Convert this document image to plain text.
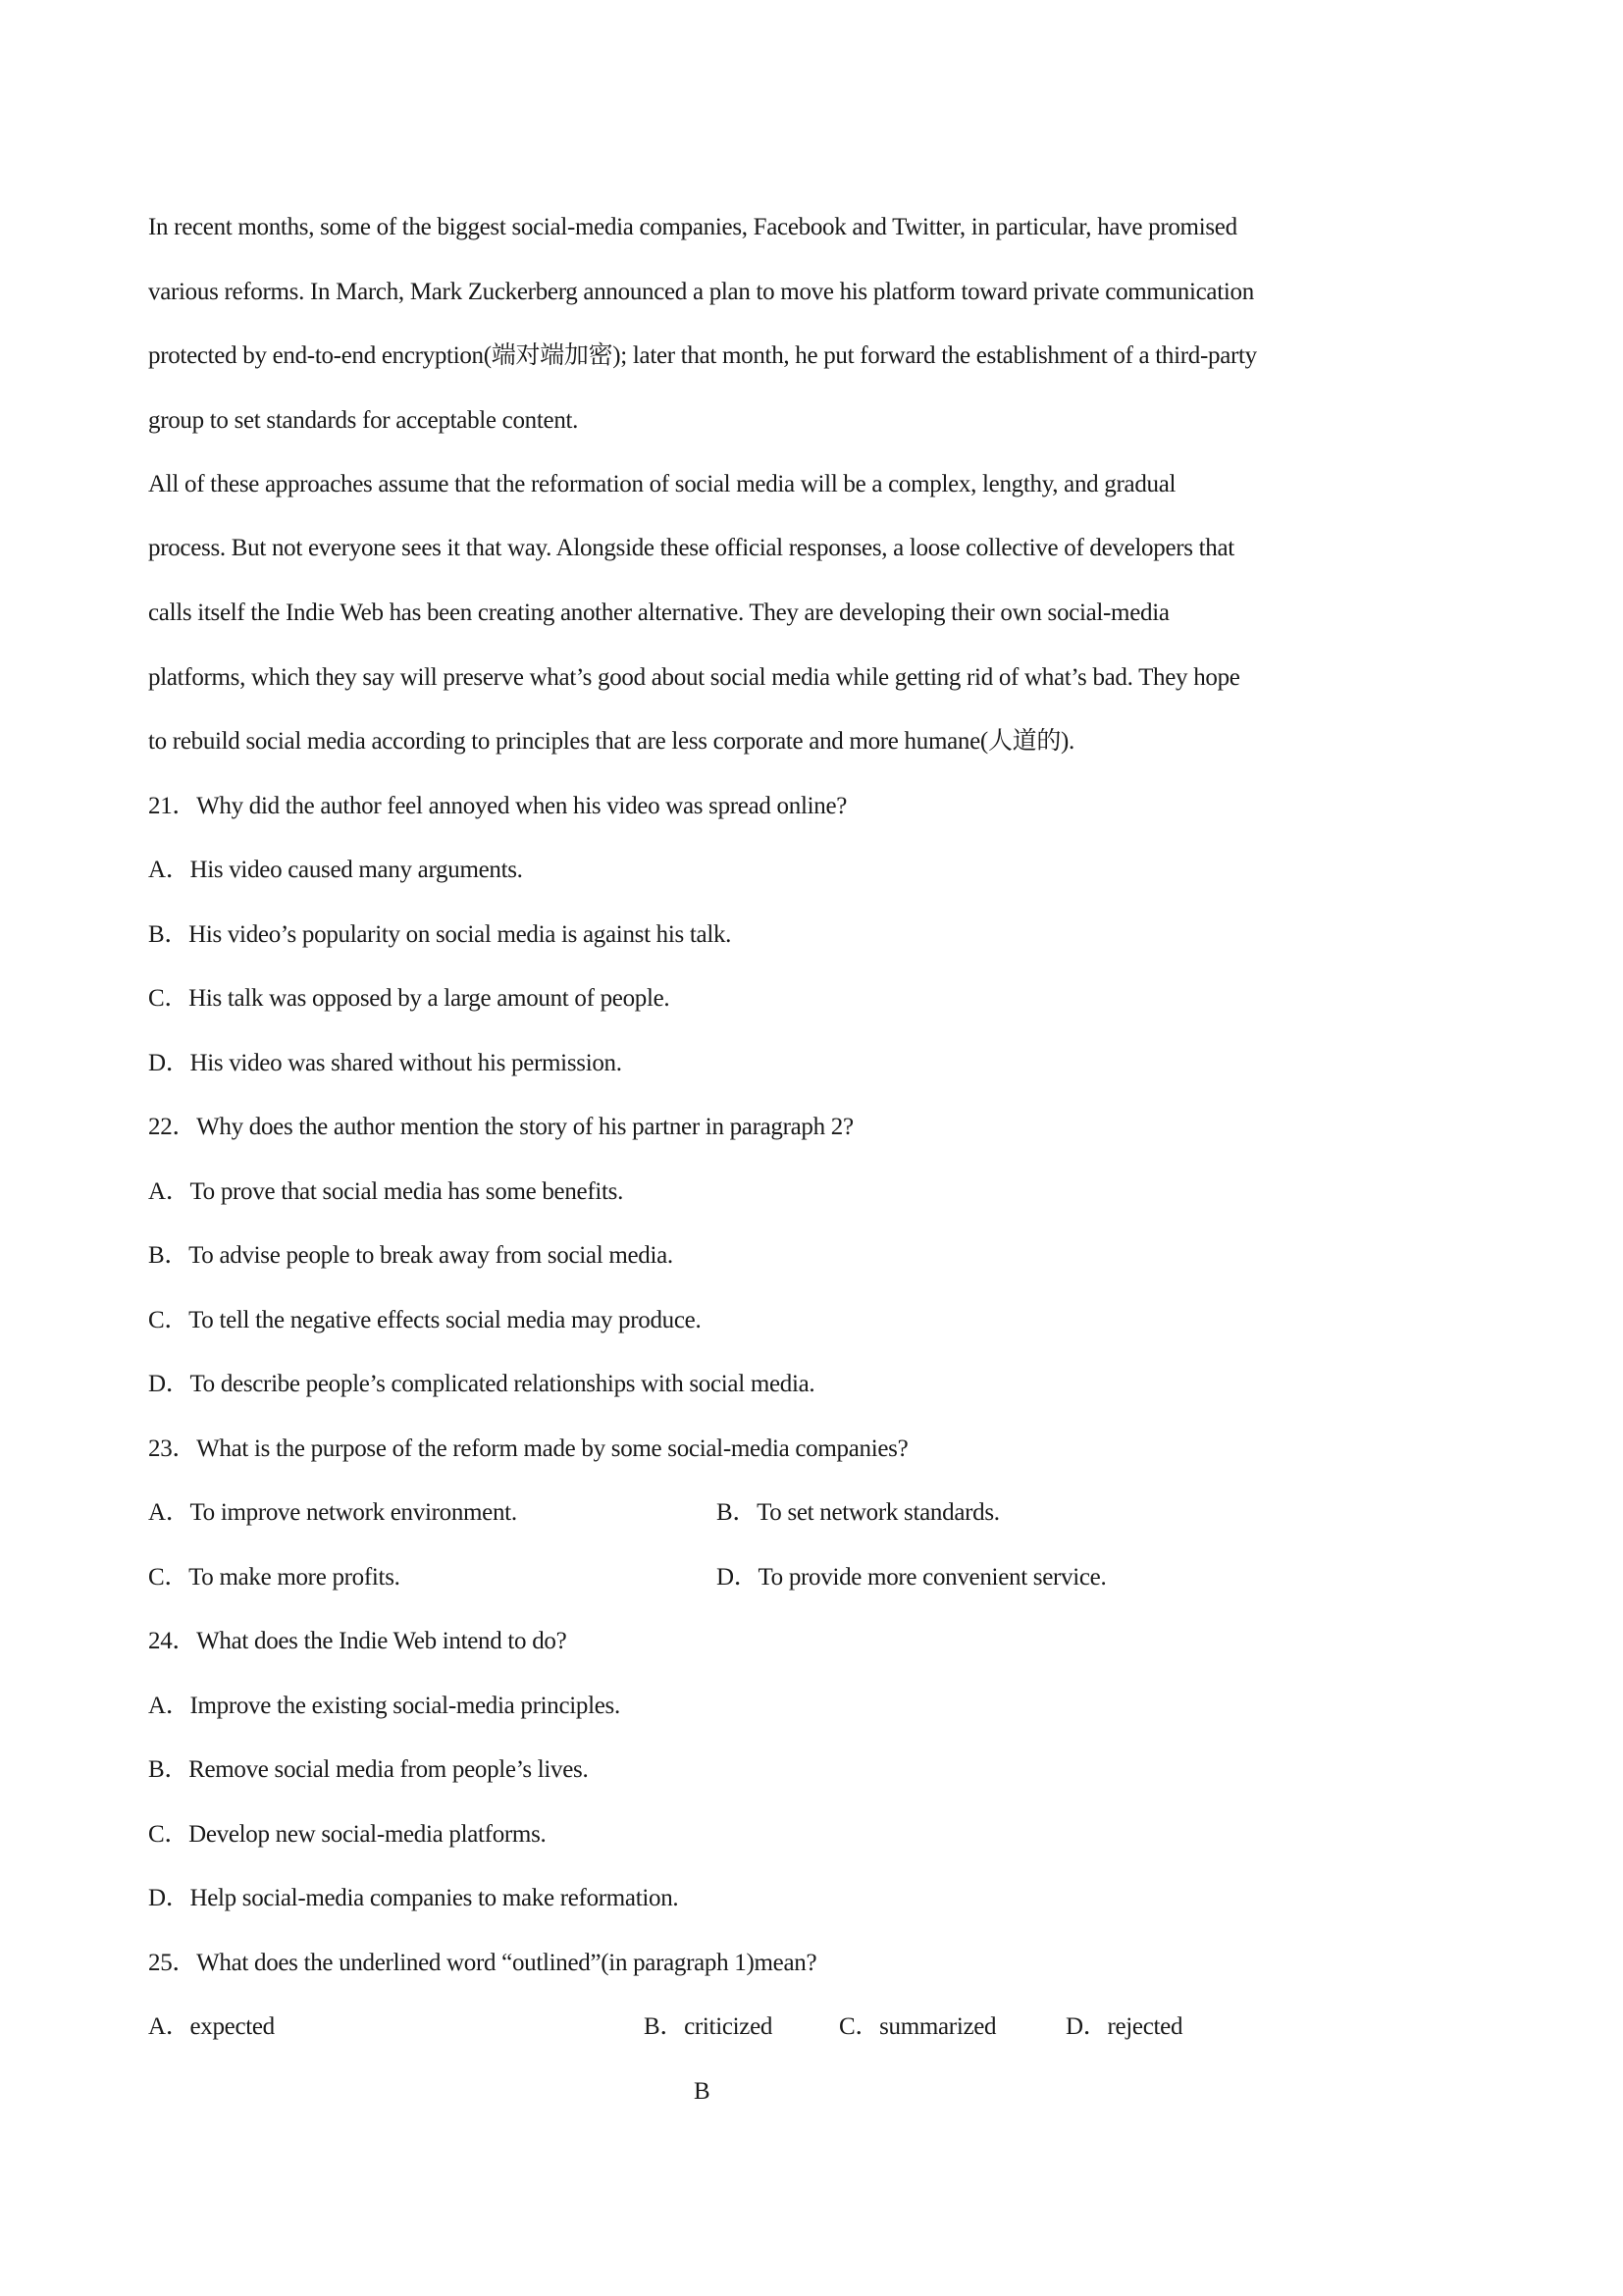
In recent months, some of the biggest social-media companies, Facebook and Twitter, in particular, have promised
various reforms. In March, Mark Zuckerberg announced a plan to move his platform toward private communication
protected by end-to-end encryption(端对端加密); later that month, he put forward the establishment of a third-party
group to set standards for acceptable content.
All of these approaches assume that the reformation of social media will be a complex, lengthy, and gradual
process. But not everyone sees it that way. Alongside these official responses, a loose collective of developers that
calls itself the Indie Web has been creating another alternative. They are developing their own social-media
platforms, which they say will preserve what’s good about social media while getting rid of what’s bad. They hope
to rebuild social media according to principles that are less corporate and more humane(人道的).
21．Why did the author feel annoyed when his video was spread online?
A．His video caused many arguments.
B．His video’s popularity on social media is against his talk.
C．His talk was opposed by a large amount of people.
D．His video was shared without his permission.
22．Why does the author mention the story of his partner in paragraph 2?
A．To prove that social media has some benefits.
B．To advise people to break away from social media.
C．To tell the negative effects social media may produce.
D．To describe people’s complicated relationships with social media.
23．What is the purpose of the reform made by some social-media companies?
A．To improve network environment.	B．To set network standards.
C．To make more profits.	D．To provide more convenient service.
24．What does the Indie Web intend to do?
A．Improve the existing social-media principles.
B．Remove social media from people’s lives.
C．Develop new social-media platforms.
D．Help social-media companies to make reformation.
25．What does the underlined word “outlined”(in paragraph 1)mean?
A．expected	B．criticized	C．summarized	D．rejected
B
